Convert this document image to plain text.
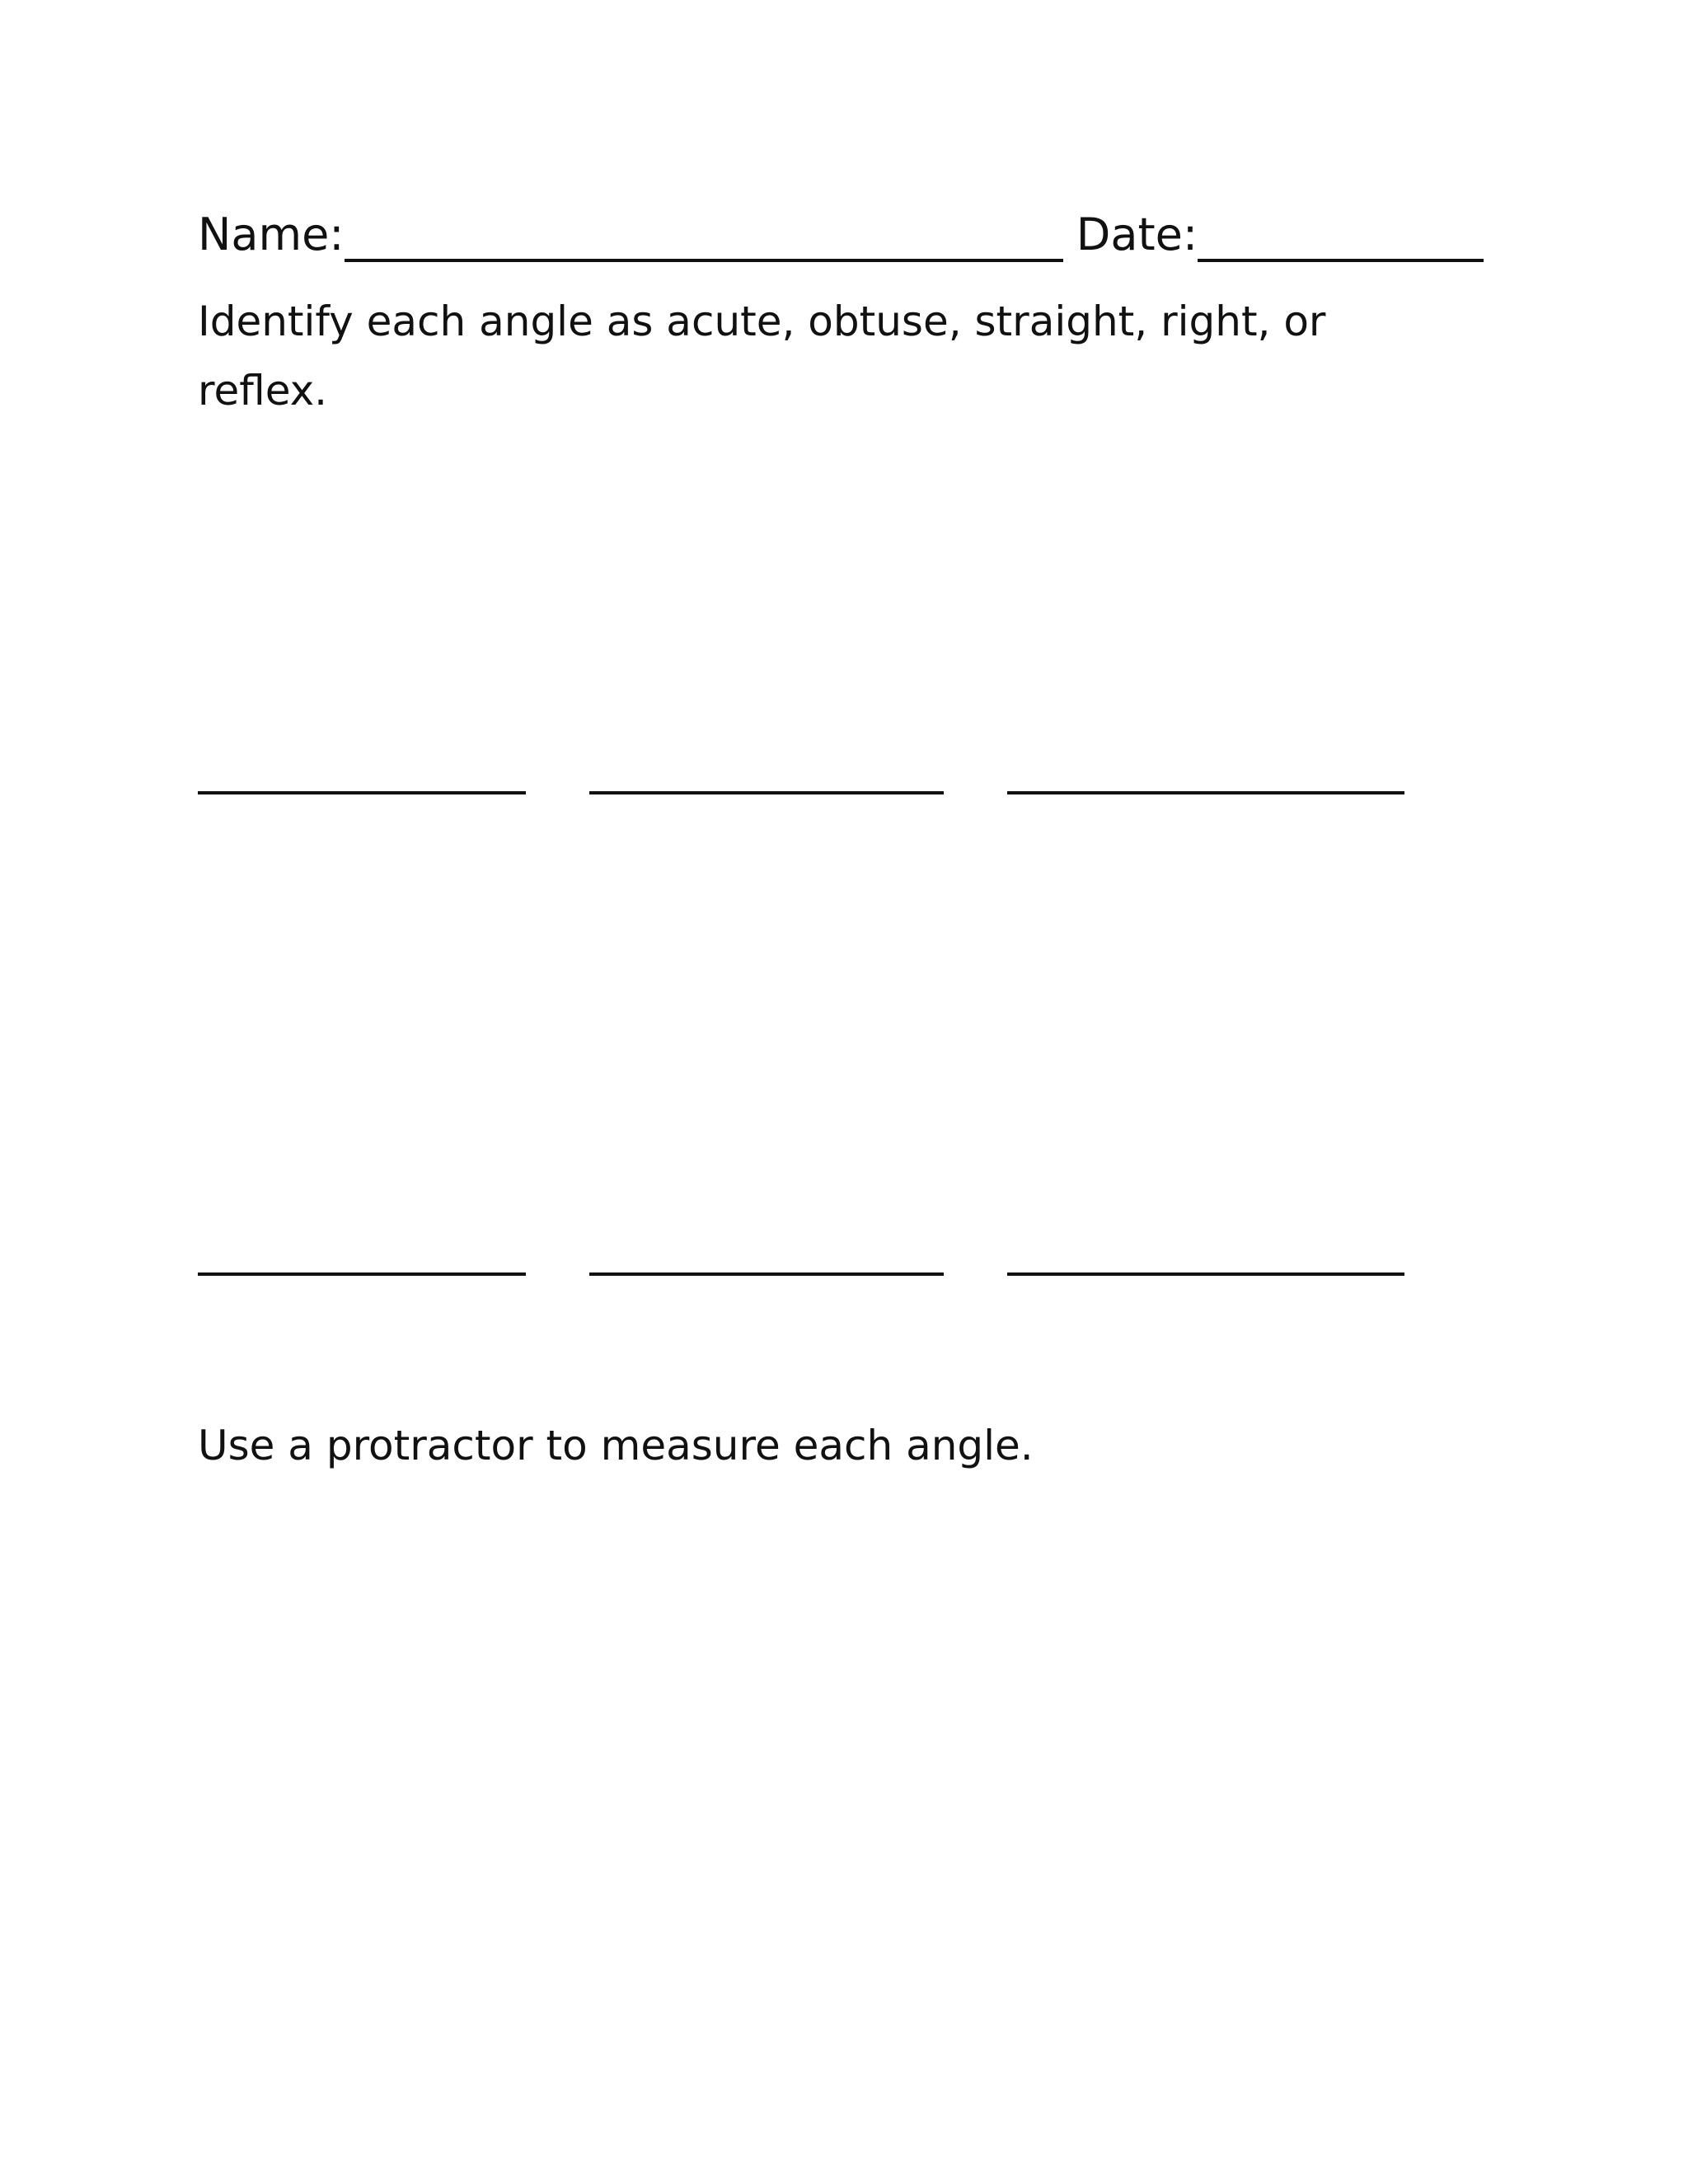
Name:	Date:
Identify each angle as acute, obtuse, straight, right, or reflex.
Use a protractor to measure each angle.
